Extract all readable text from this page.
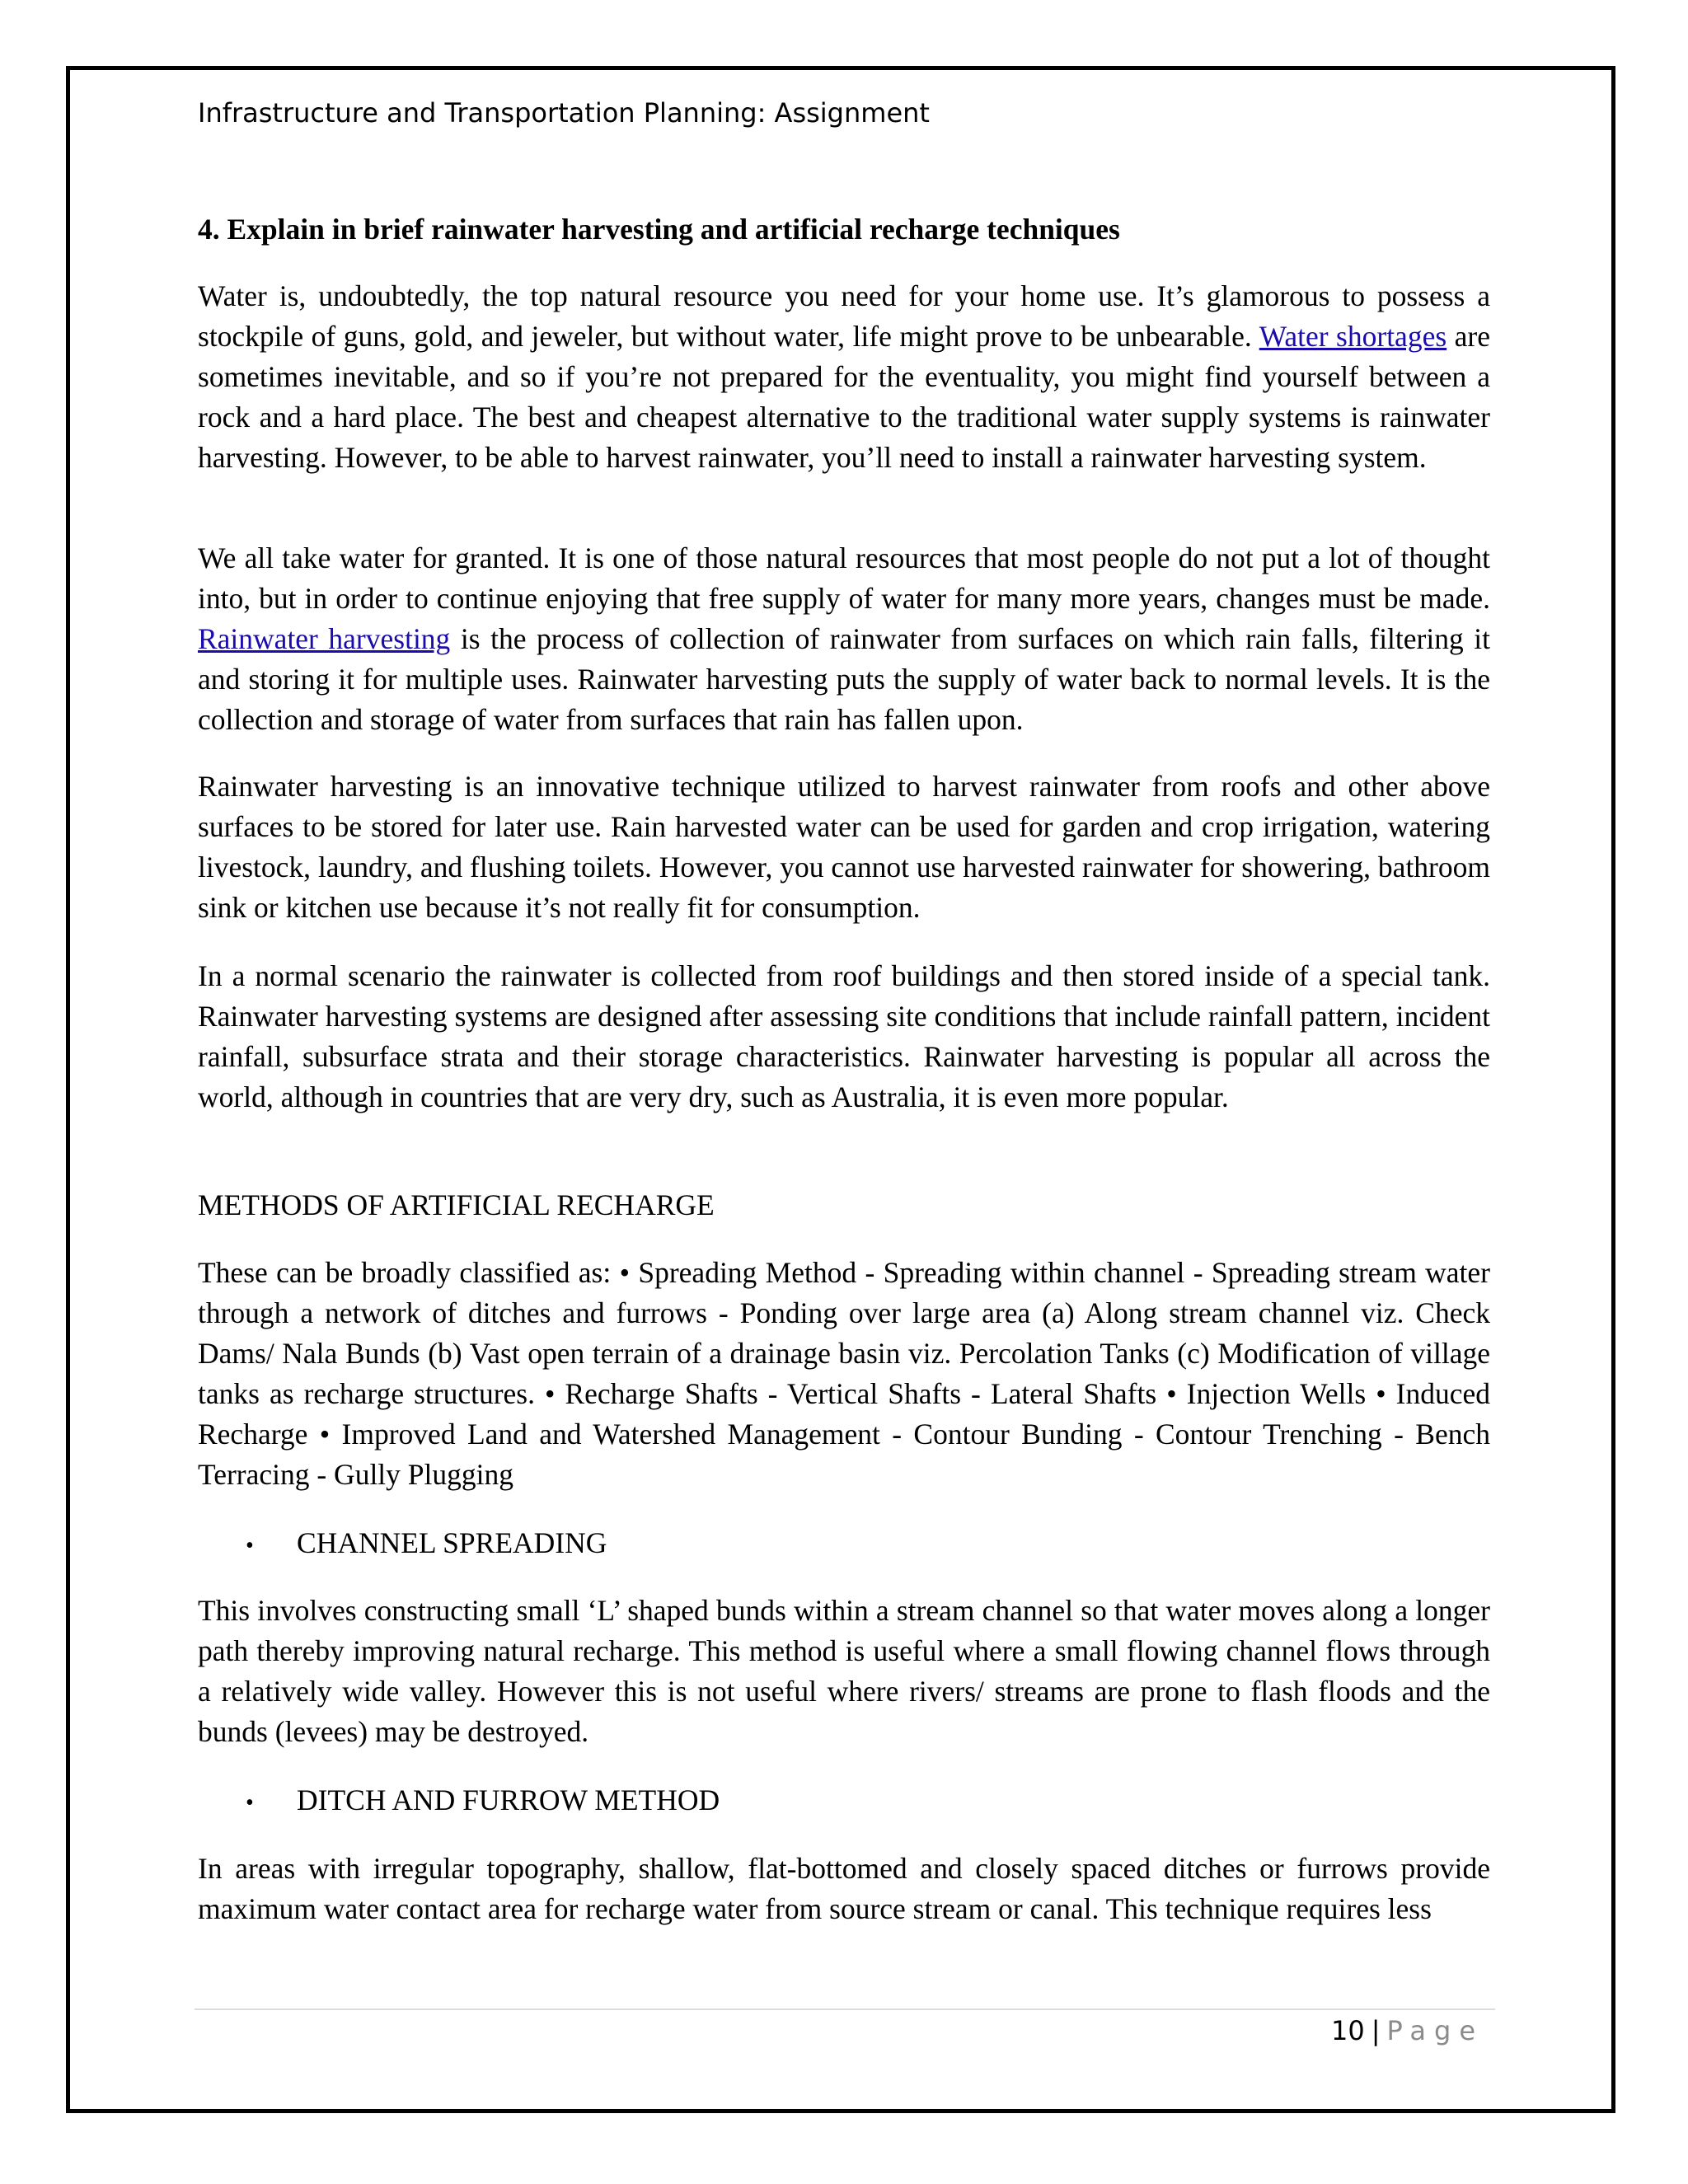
Infrastructure and Transportation Planning: Assignment
4. Explain in brief rainwater harvesting and artificial recharge techniques

Water is, undoubtedly, the top natural resource you need for your home use. It’s glamorous to possess a stockpile of guns, gold, and jeweler, but without water, life might prove to be unbearable. Water shortages are sometimes inevitable, and so if you’re not prepared for the eventuality, you might find yourself between a rock and a hard place. The best and cheapest alternative to the traditional water supply systems is rainwater harvesting. However, to be able to harvest rainwater, you’ll need to install a rainwater harvesting system.

We all take water for granted. It is one of those natural resources that most people do not put a lot of thought into, but in order to continue enjoying that free supply of water for many more years, changes must be made. Rainwater harvesting is the process of collection of rainwater from surfaces on which rain falls, filtering it and storing it for multiple uses. Rainwater harvesting puts the supply of water back to normal levels. It is the collection and storage of water from surfaces that rain has fallen upon.

Rainwater harvesting is an innovative technique utilized to harvest rainwater from roofs and other above surfaces to be stored for later use. Rain harvested water can be used for garden and crop irrigation, watering livestock, laundry, and flushing toilets. However, you cannot use harvested rainwater for showering, bathroom sink or kitchen use because it’s not really fit for consumption.

In a normal scenario the rainwater is collected from roof buildings and then stored inside of a special tank. Rainwater harvesting systems are designed after assessing site conditions that include rainfall pattern, incident rainfall, subsurface strata and their storage characteristics. Rainwater harvesting is popular all across the world, although in countries that are very dry, such as Australia, it is even more popular.

METHODS OF ARTIFICIAL RECHARGE

These can be broadly classified as: • Spreading Method - Spreading within channel - Spreading stream water through a network of ditches and furrows - Ponding over large area (a) Along stream channel viz. Check Dams/ Nala Bunds (b) Vast open terrain of a drainage basin viz. Percolation Tanks (c) Modification of village tanks as recharge structures. • Recharge Shafts - Vertical Shafts - Lateral Shafts • Injection Wells • Induced Recharge • Improved Land and Watershed Management - Contour Bunding - Contour Trenching - Bench Terracing - Gully Plugging

• CHANNEL SPREADING

This involves constructing small ‘L’ shaped bunds within a stream channel so that water moves along a longer path thereby improving natural recharge. This method is useful where a small flowing channel flows through a relatively wide valley. However this is not useful where rivers/ streams are prone to flash floods and the bunds (levees) may be destroyed.

• DITCH AND FURROW METHOD

In areas with irregular topography, shallow, flat-bottomed and closely spaced ditches or furrows provide maximum water contact area for recharge water from source stream or canal. This technique requires less

10 | Page
